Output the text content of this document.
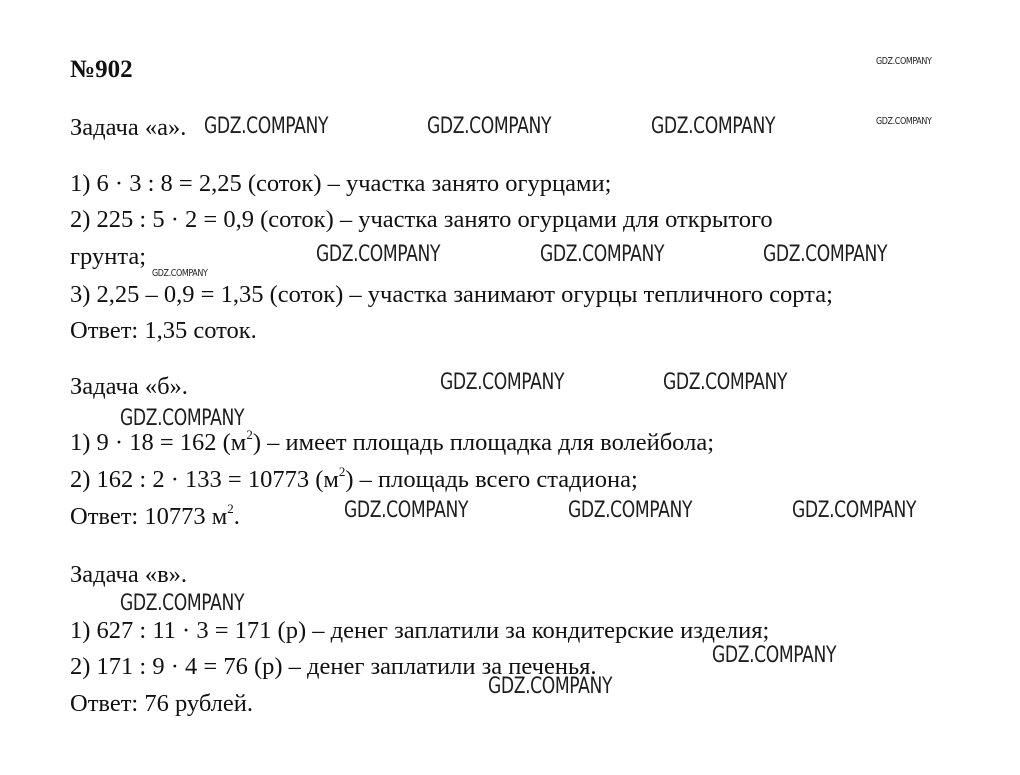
№902
Задача «а».
1) 6 · 3 : 8 = 2,25 (соток) – участка занято огурцами;
2) 225 : 5 · 2 = 0,9 (соток) – участка занято огурцами для открытого
грунта;
3) 2,25 – 0,9 = 1,35 (соток) – участка занимают огурцы тепличного сорта;
Ответ: 1,35 соток.
Задача «б».
1) 9 · 18 = 162 $(м^2)$ – имеет площадь площадка для волейбола;
2) 162 : 2 · 133 = 10773 $(м^2)$ – площадь всего стадиона;
Ответ: 10773 $м^2$.
Задача «в».
1) 627 : 11 · 3 = 171 (р) – денег заплатили за кондитерские изделия;
2) 171 : 9 · 4 = 76 (р) – денег заплатили за печенья.
Ответ: 76 рублей.
GDZ.COMPANY
GDZ.COMPANY	GDZ.COMPANY	GDZ.COMPANY	GDZ.COMPANY
GDZ.COMPANY	GDZ.COMPANY	GDZ.COMPANY
GDZ.COMPANY
GDZ.COMPANY	GDZ.COMPANY
GDZ.COMPANY
GDZ.COMPANY	GDZ.COMPANY	GDZ.COMPANY
GDZ.COMPANY
GDZ.COMPANY
GDZ.COMPANY
